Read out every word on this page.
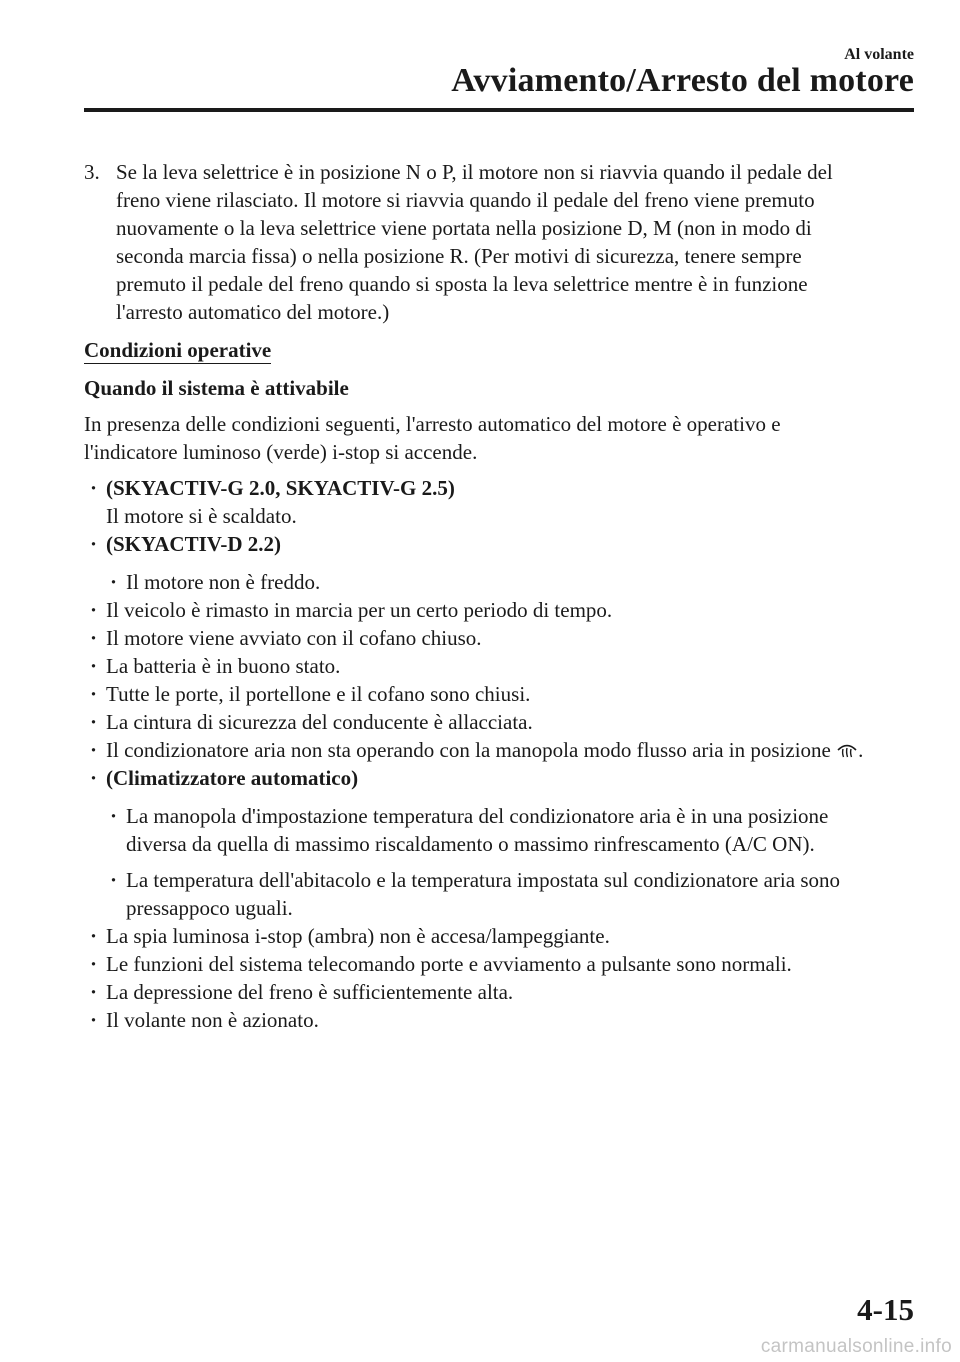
Al volante
Avviamento/Arresto del motore
3. Se la leva selettrice è in posizione N o P, il motore non si riavvia quando il pedale del
freno viene rilasciato. Il motore si riavvia quando il pedale del freno viene premuto
nuovamente o la leva selettrice viene portata nella posizione D, M (non in modo di
seconda marcia fissa) o nella posizione R. (Per motivi di sicurezza, tenere sempre
premuto il pedale del freno quando si sposta la leva selettrice mentre è in funzione
l'arresto automatico del motore.)
Condizioni operative
Quando il sistema è attivabile
In presenza delle condizioni seguenti, l'arresto automatico del motore è operativo e
l'indicatore luminoso (verde) i-stop si accende.
· (SKYACTIV-G 2.0, SKYACTIV-G 2.5)
Il motore si è scaldato.
· (SKYACTIV-D 2.2)
· Il motore non è freddo.
· Il veicolo è rimasto in marcia per un certo periodo di tempo.
· Il motore viene avviato con il cofano chiuso.
· La batteria è in buono stato.
· Tutte le porte, il portellone e il cofano sono chiusi.
· La cintura di sicurezza del conducente è allacciata.
· Il condizionatore aria non sta operando con la manopola modo flusso aria in posizione .
· (Climatizzatore automatico)
· La manopola d'impostazione temperatura del condizionatore aria è in una posizione
diversa da quella di massimo riscaldamento o massimo rinfrescamento (A/C ON).
· La temperatura dell'abitacolo e la temperatura impostata sul condizionatore aria sono
pressappoco uguali.
· La spia luminosa i-stop (ambra) non è accesa/lampeggiante.
· Le funzioni del sistema telecomando porte e avviamento a pulsante sono normali.
· La depressione del freno è sufficientemente alta.
· Il volante non è azionato.
4-15
carmanualsonline.info
